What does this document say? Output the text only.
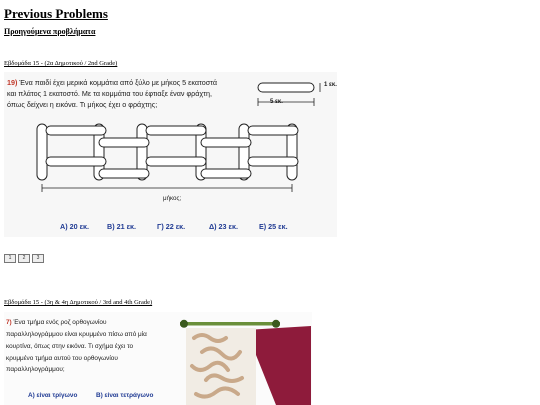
Previous Problems
Προηγούμενα προβλήματα
Εβδομάδα 15 - (2α Δημοτικού / 2nd Grade)
19) Ένα παιδί έχει μερικά κομμάτια από ξύλο με μήκος 5 εκατοστά
και πλάτος 1 εκατοστό. Με τα κομμάτια του έφτιαξε έναν φράχτη,
όπως δείχνει η εικόνα. Τι μήκος έχει ο φράχτης;
1 εκ.
5 εκ.
μήκος;
A) 20 εκ.	B) 21 εκ.	Γ) 22 εκ.	Δ) 23 εκ.	E) 25 εκ.
1	2	3
Εβδομάδα 15 - (3η & 4η Δημοτικού / 3rd and 4th Grade)
7) Ένα τμήμα ενός ροζ ορθογωνίου
παραλληλογράμμου είναι κρυμμένο πίσω από μία
κουρτίνα, όπως στην εικόνα. Τι σχήμα έχει το
κρυμμένο τμήμα αυτού του ορθογωνίου
παραλληλογράμμου;
A) είναι τρίγωνο	B) είναι τετράγωνο
